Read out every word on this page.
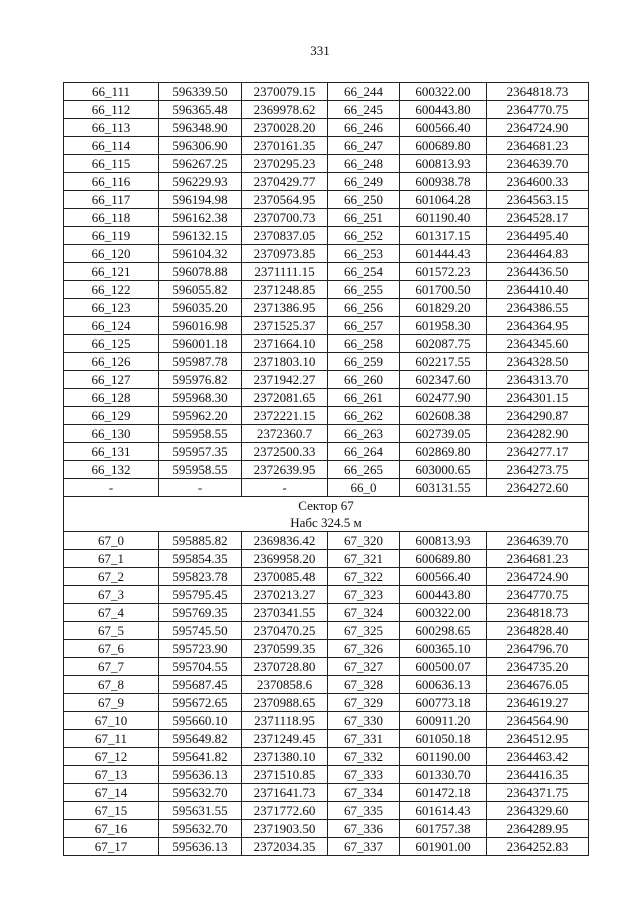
331
66_111	596339.50	2370079.15	66_244	600322.00	2364818.73
66_112	596365.48	2369978.62	66_245	600443.80	2364770.75
66_113	596348.90	2370028.20	66_246	600566.40	2364724.90
66_114	596306.90	2370161.35	66_247	600689.80	2364681.23
66_115	596267.25	2370295.23	66_248	600813.93	2364639.70
66_116	596229.93	2370429.77	66_249	600938.78	2364600.33
66_117	596194.98	2370564.95	66_250	601064.28	2364563.15
66_118	596162.38	2370700.73	66_251	601190.40	2364528.17
66_119	596132.15	2370837.05	66_252	601317.15	2364495.40
66_120	596104.32	2370973.85	66_253	601444.43	2364464.83
66_121	596078.88	2371111.15	66_254	601572.23	2364436.50
66_122	596055.82	2371248.85	66_255	601700.50	2364410.40
66_123	596035.20	2371386.95	66_256	601829.20	2364386.55
66_124	596016.98	2371525.37	66_257	601958.30	2364364.95
66_125	596001.18	2371664.10	66_258	602087.75	2364345.60
66_126	595987.78	2371803.10	66_259	602217.55	2364328.50
66_127	595976.82	2371942.27	66_260	602347.60	2364313.70
66_128	595968.30	2372081.65	66_261	602477.90	2364301.15
66_129	595962.20	2372221.15	66_262	602608.38	2364290.87
66_130	595958.55	2372360.7	66_263	602739.05	2364282.90
66_131	595957.35	2372500.33	66_264	602869.80	2364277.17
66_132	595958.55	2372639.95	66_265	603000.65	2364273.75
-	-	-	66_0	603131.55	2364272.60

Сектор 67
Набс 324.5 м					

67_0	595885.82	2369836.42	67_320	600813.93	2364639.70
67_1	595854.35	2369958.20	67_321	600689.80	2364681.23
67_2	595823.78	2370085.48	67_322	600566.40	2364724.90
67_3	595795.45	2370213.27	67_323	600443.80	2364770.75
67_4	595769.35	2370341.55	67_324	600322.00	2364818.73
67_5	595745.50	2370470.25	67_325	600298.65	2364828.40
67_6	595723.90	2370599.35	67_326	600365.10	2364796.70
67_7	595704.55	2370728.80	67_327	600500.07	2364735.20
67_8	595687.45	2370858.6	67_328	600636.13	2364676.05
67_9	595672.65	2370988.65	67_329	600773.18	2364619.27
67_10	595660.10	2371118.95	67_330	600911.20	2364564.90
67_11	595649.82	2371249.45	67_331	601050.18	2364512.95
67_12	595641.82	2371380.10	67_332	601190.00	2364463.42
67_13	595636.13	2371510.85	67_333	601330.70	2364416.35
67_14	595632.70	2371641.73	67_334	601472.18	2364371.75
67_15	595631.55	2371772.60	67_335	601614.43	2364329.60
67_16	595632.70	2371903.50	67_336	601757.38	2364289.95
67_17	595636.13	2372034.35	67_337	601901.00	2364252.83
